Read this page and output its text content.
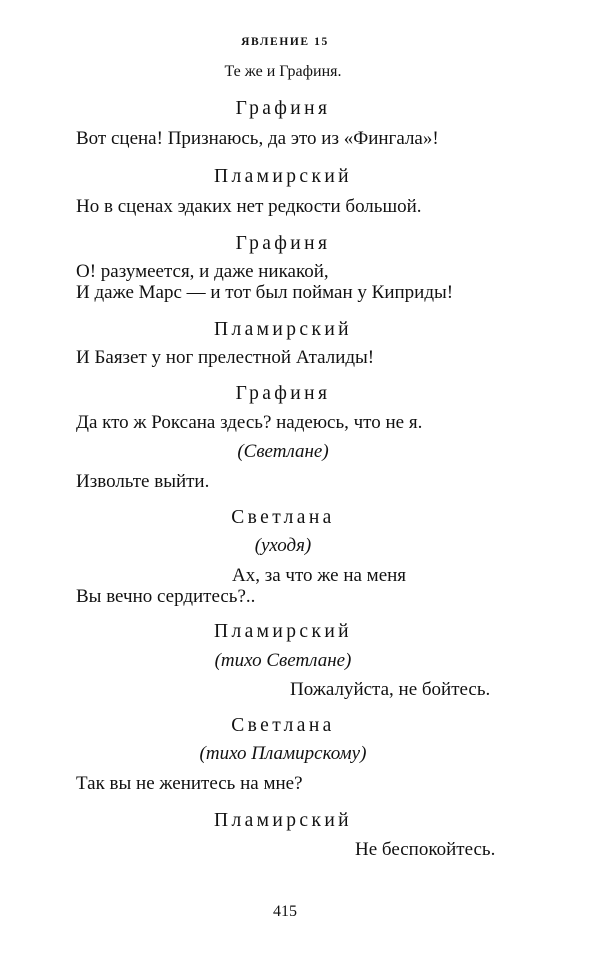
ЯВЛЕНИЕ 15
Те же и Графиня.
Графиня
Вот сцена! Признаюсь, да это из «Фингала»!
Пламирский
Но в сценах эдаких нет редкости большой.
Графиня
О! разумеется, и даже никакой,
И даже Марс — и тот был пойман у Киприды!
Пламирский
И Баязет у ног прелестной Аталиды!
Графиня
Да кто ж Роксана здесь? надеюсь, что не я.
(Светлане)
Извольте выйти.
Светлана
(уходя)
Ах, за что же на меня
Вы вечно сердитесь?..
Пламирский
(тихо Светлане)
Пожалуйста, не бойтесь.
Светлана
(тихо Пламирскому)
Так вы не женитесь на мне?
Пламирский
Не беспокойтесь.
415
